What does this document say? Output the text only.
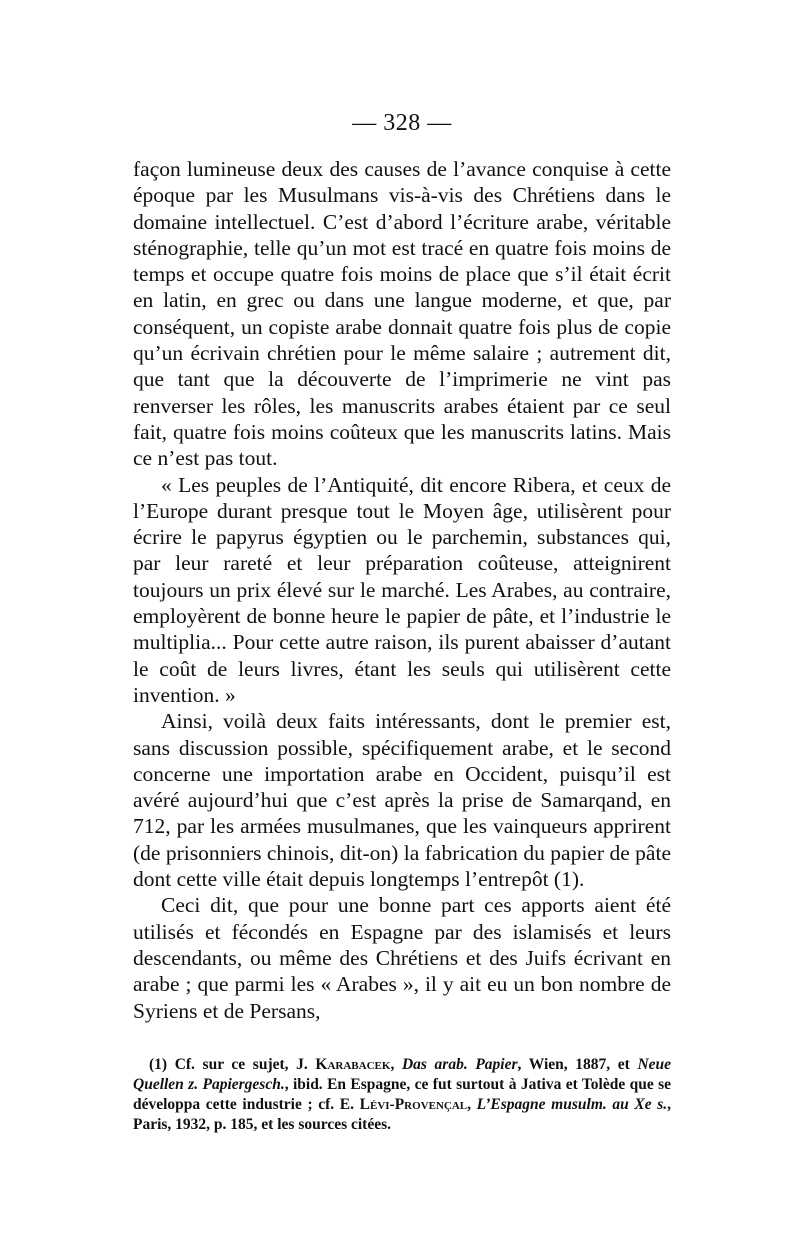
— 328 —

façon lumineuse deux des causes de l’avance conquise à cette époque par les Musulmans vis-à-vis des Chrétiens dans le domaine intellectuel. C’est d’abord l’écriture arabe, véritable sténographie, telle qu’un mot est tracé en quatre fois moins de temps et occupe quatre fois moins de place que s’il était écrit en latin, en grec ou dans une langue moderne, et que, par conséquent, un copiste arabe donnait quatre fois plus de copie qu’un écrivain chrétien pour le même salaire ; autrement dit, que tant que la découverte de l’imprimerie ne vint pas renverser les rôles, les manuscrits arabes étaient par ce seul fait, quatre fois moins coûteux que les manuscrits latins. Mais ce n’est pas tout.

« Les peuples de l’Antiquité, dit encore Ribera, et ceux de l’Europe durant presque tout le Moyen âge, utilisèrent pour écrire le papyrus égyptien ou le parchemin, substances qui, par leur rareté et leur préparation coûteuse, atteignirent toujours un prix élevé sur le marché. Les Arabes, au contraire, employèrent de bonne heure le papier de pâte, et l’industrie le multiplia... Pour cette autre raison, ils purent abaisser d’autant le coût de leurs livres, étant les seuls qui utilisèrent cette invention. »

Ainsi, voilà deux faits intéressants, dont le premier est, sans discussion possible, spécifiquement arabe, et le second concerne une importation arabe en Occident, puisqu’il est avéré aujourd’hui que c’est après la prise de Samarqand, en 712, par les armées musulmanes, que les vainqueurs apprirent (de prisonniers chinois, dit-on) la fabrication du papier de pâte dont cette ville était depuis longtemps l’entrepôt (1).

Ceci dit, que pour une bonne part ces apports aient été utilisés et fécondés en Espagne par des islamisés et leurs descendants, ou même des Chrétiens et des Juifs écrivant en arabe ; que parmi les « Arabes », il y ait eu un bon nombre de Syriens et de Persans,

(1) Cf. sur ce sujet, J. Karabacek, Das arab. Papier, Wien, 1887, et Neue Quellen z. Papiergesch., ibid. En Espagne, ce fut surtout à Jativa et Tolède que se développa cette industrie ; cf. E. Lévi-Provençal, L’Espagne musulm. au Xe s., Paris, 1932, p. 185, et les sources citées.
